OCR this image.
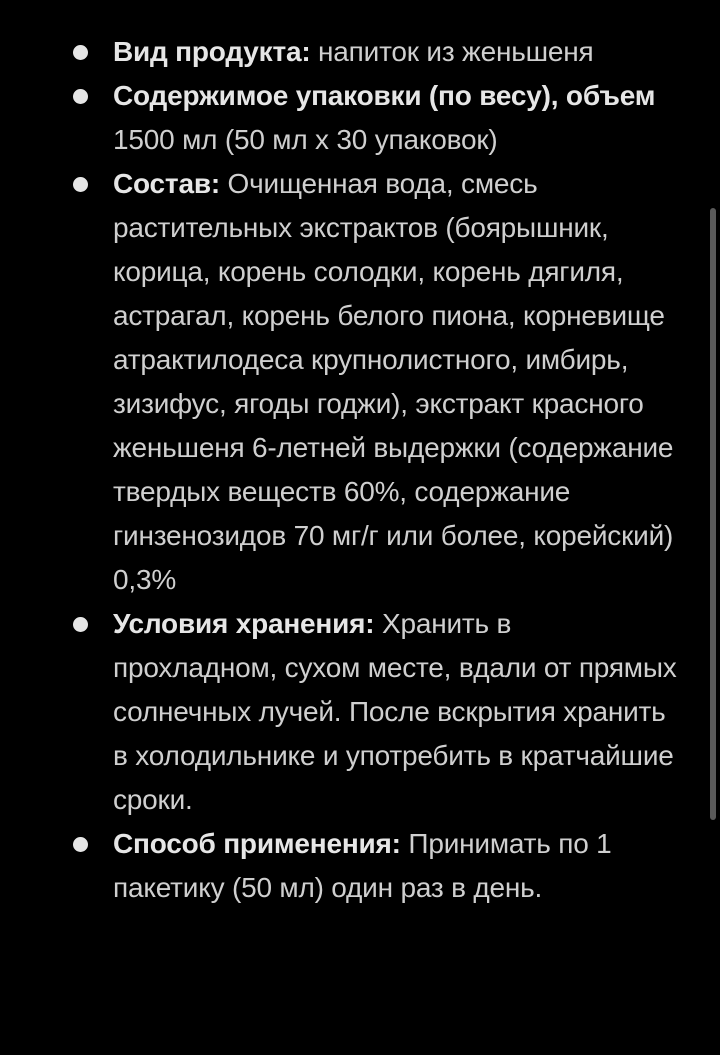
Вид продукта: напиток из женьшеня
Содержимое упаковки (по весу), объем 1500 мл (50 мл x 30 упаковок)
Состав: Очищенная вода, смесь растительных экстрактов (боярышник, корица, корень солодки, корень дягиля, астрагал, корень белого пиона, корневище атрактилодеса крупнолистного, имбирь, зизифус, ягоды годжи), экстракт красного женьшеня 6-летней выдержки (содержание твердых веществ 60%, содержание гинзенозидов 70 мг/г или более, корейский) 0,3%
Условия хранения: Хранить в прохладном, сухом месте, вдали от прямых солнечных лучей. После вскрытия хранить в холодильнике и употребить в кратчайшие сроки.
Способ применения: Принимать по 1 пакетику (50 мл) один раз в день.
